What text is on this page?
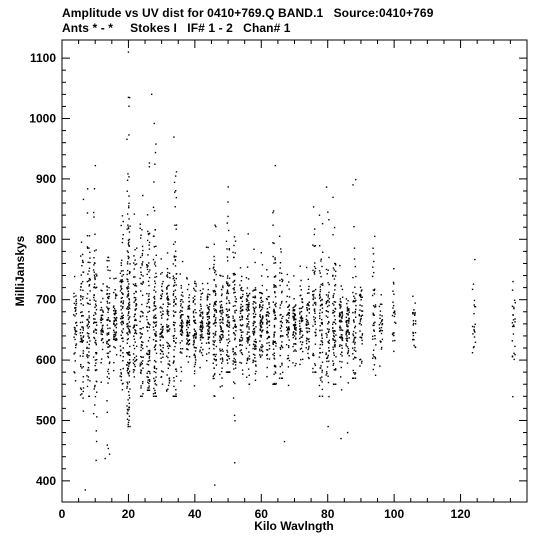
Amplitude vs UV dist for 0410+769.Q BAND.1   Source:0410+769
Ants * - *     Stokes I   IF# 1 - 2   Chan# 1
0	20	40	60	80	100	120
400
500
600
700
800
900
1000
1100
Kilo Wavlngth
MilliJanskys
